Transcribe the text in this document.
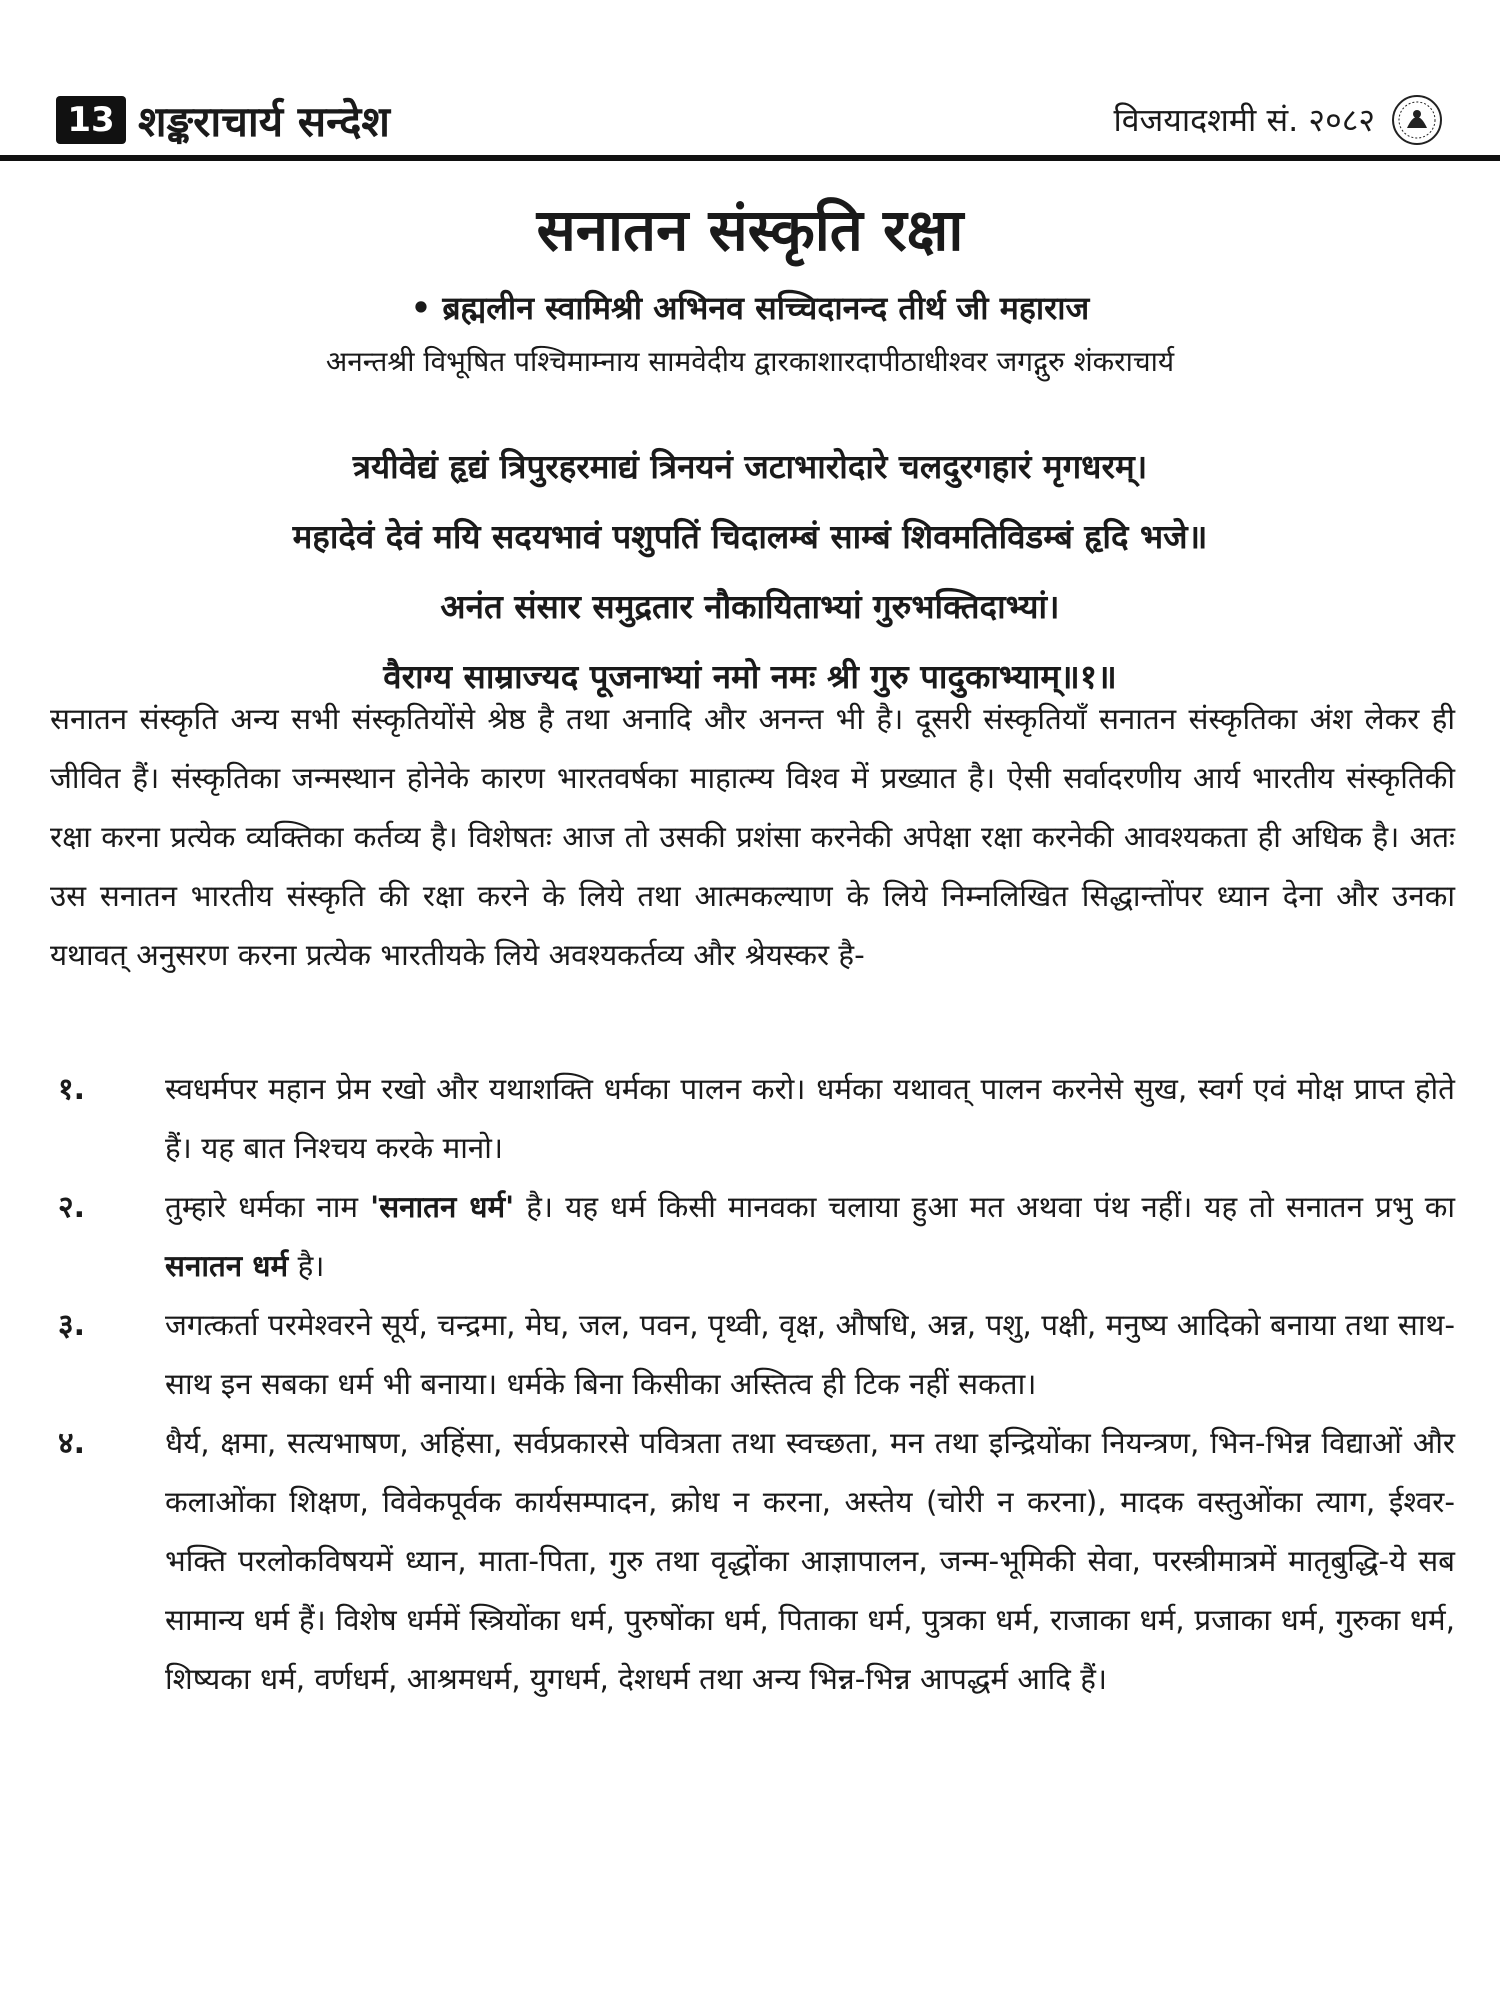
13 शङ्कराचार्य सन्देश	विजयादशमी सं. २०८२
सनातन संस्कृति रक्षा
• ब्रह्मलीन स्वामिश्री अभिनव सच्चिदानन्द तीर्थ जी महाराज
अनन्तश्री विभूषित पश्चिमाम्नाय सामवेदीय द्वारकाशारदापीठाधीश्वर जगद्गुरु शंकराचार्य
त्रयीवेद्यं हृद्यं त्रिपुरहरमाद्यं त्रिनयनं जटाभारोदारे चलदुरगहारं मृगधरम्।
महादेवं देवं मयि सदयभावं पशुपतिं चिदालम्बं साम्बं शिवमतिविडम्बं हृदि भजे॥
अनंत संसार समुद्रतार नौकायिताभ्यां गुरुभक्तिदाभ्यां।
वैराग्य साम्राज्यद पूजनाभ्यां नमो नमः श्री गुरु पादुकाभ्याम्॥१॥
सनातन संस्कृति अन्य सभी संस्कृतियोंसे श्रेष्ठ है तथा अनादि और अनन्त भी है। दूसरी संस्कृतियाँ सनातन संस्कृतिका अंश लेकर ही जीवित हैं। संस्कृतिका जन्मस्थान होनेके कारण भारतवर्षका माहात्म्य विश्व में प्रख्यात है। ऐसी सर्वादरणीय आर्य भारतीय संस्कृतिकी रक्षा करना प्रत्येक व्यक्तिका कर्तव्य है। विशेषतः आज तो उसकी प्रशंसा करनेकी अपेक्षा रक्षा करनेकी आवश्यकता ही अधिक है। अतः उस सनातन भारतीय संस्कृति की रक्षा करने के लिये तथा आत्मकल्याण के लिये निम्नलिखित सिद्धान्तोंपर ध्यान देना और उनका यथावत् अनुसरण करना प्रत्येक भारतीयके लिये अवश्यकर्तव्य और श्रेयस्कर है-
१.	स्वधर्मपर महान प्रेम रखो और यथाशक्ति धर्मका पालन करो। धर्मका यथावत् पालन करनेसे सुख, स्वर्ग एवं मोक्ष प्राप्त होते हैं। यह बात निश्चय करके मानो।
२.	तुम्हारे धर्मका नाम 'सनातन धर्म' है। यह धर्म किसी मानवका चलाया हुआ मत अथवा पंथ नहीं। यह तो सनातन प्रभु का सनातन धर्म है।
३.	जगत्कर्ता परमेश्वरने सूर्य, चन्द्रमा, मेघ, जल, पवन, पृथ्वी, वृक्ष, औषधि, अन्न, पशु, पक्षी, मनुष्य आदिको बनाया तथा साथ-साथ इन सबका धर्म भी बनाया। धर्मके बिना किसीका अस्तित्व ही टिक नहीं सकता।
४.	धैर्य, क्षमा, सत्यभाषण, अहिंसा, सर्वप्रकारसे पवित्रता तथा स्वच्छता, मन तथा इन्द्रियोंका नियन्त्रण, भिन-भिन्न विद्याओं और कलाओंका शिक्षण, विवेकपूर्वक कार्यसम्पादन, क्रोध न करना, अस्तेय (चोरी न करना), मादक वस्तुओंका त्याग, ईश्वर-भक्ति परलोकविषयमें ध्यान, माता-पिता, गुरु तथा वृद्धोंका आज्ञापालन, जन्म-भूमिकी सेवा, परस्त्रीमात्रमें मातृबुद्धि-ये सब सामान्य धर्म हैं। विशेष धर्ममें स्त्रियोंका धर्म, पुरुषोंका धर्म, पिताका धर्म, पुत्रका धर्म, राजाका धर्म, प्रजाका धर्म, गुरुका धर्म, शिष्यका धर्म, वर्णधर्म, आश्रमधर्म, युगधर्म, देशधर्म तथा अन्य भिन्न-भिन्न आपद्धर्म आदि हैं।
